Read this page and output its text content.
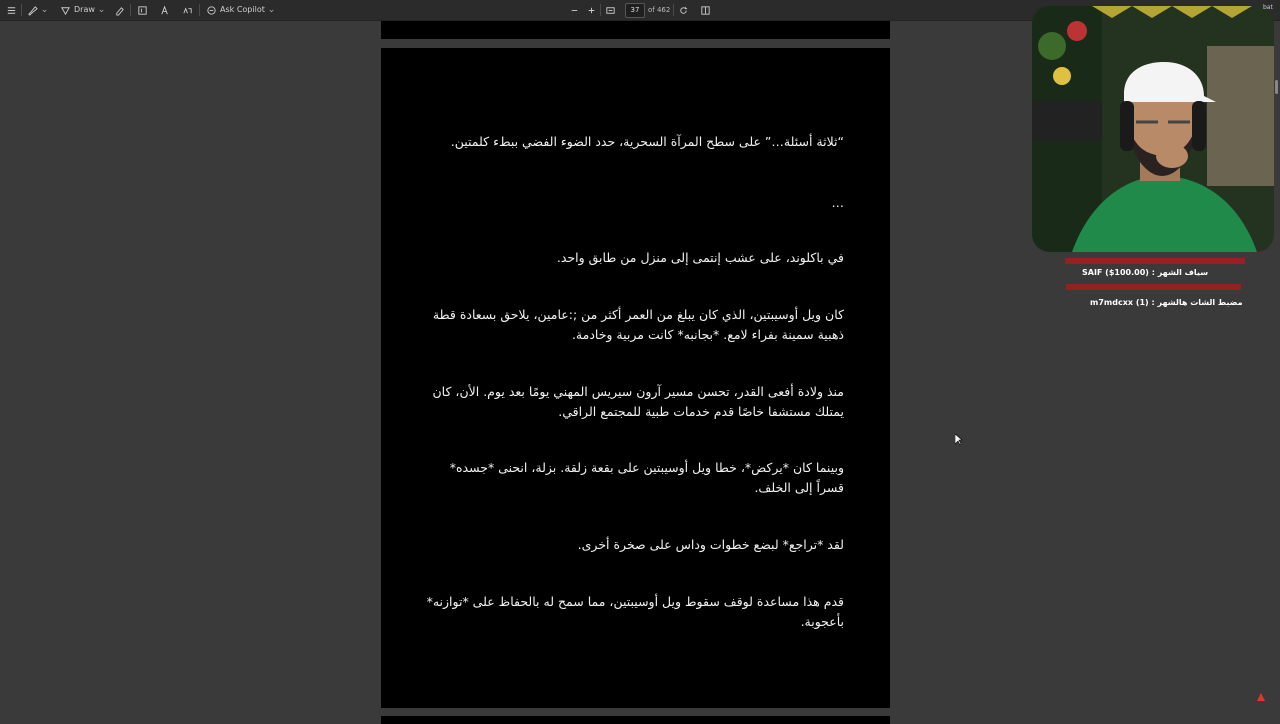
Draw	Ask Copilot	37	of 462
“ثلاثة أسئلة…” على سطح المرآة السحرية، حدد الضوء الفضي ببطء كلمتين.
…
في باكلوند، على عشب إنتمى إلى منزل من طابق واحد.
كان ويل أوسيبتين، الذي كان يبلغ من العمر أكثر من ;:عامين، يلاحق بسعادة قطة ذهبية سمينة بفراء لامع. *بجانبه* كانت مربية وخادمة.
منذ ولادة أفعى القدر، تحسن مسير آرون سيريس المهني يومًا بعد يوم. الأن، كان يمتلك مستشفا خاصًا قدم خدمات طبية للمجتمع الراقي.
وبينما كان *يركض*، خطا ويل أوسيبتين على بقعة زلقة. بزلة، انحنى *جسده* قسراً إلى الخلف.
لقد *تراجع* لبضع خطوات وداس على صخرة أخرى.
قدم هذا مساعدة لوقف سقوط ويل أوسيبتين، مما سمح له بالحفاظ على *توازنه* بأعجوبة.
SAIF ($100.00) : سياف الشهر
m7mdcxx (1) : مضبط الشات هالشهر
bat
